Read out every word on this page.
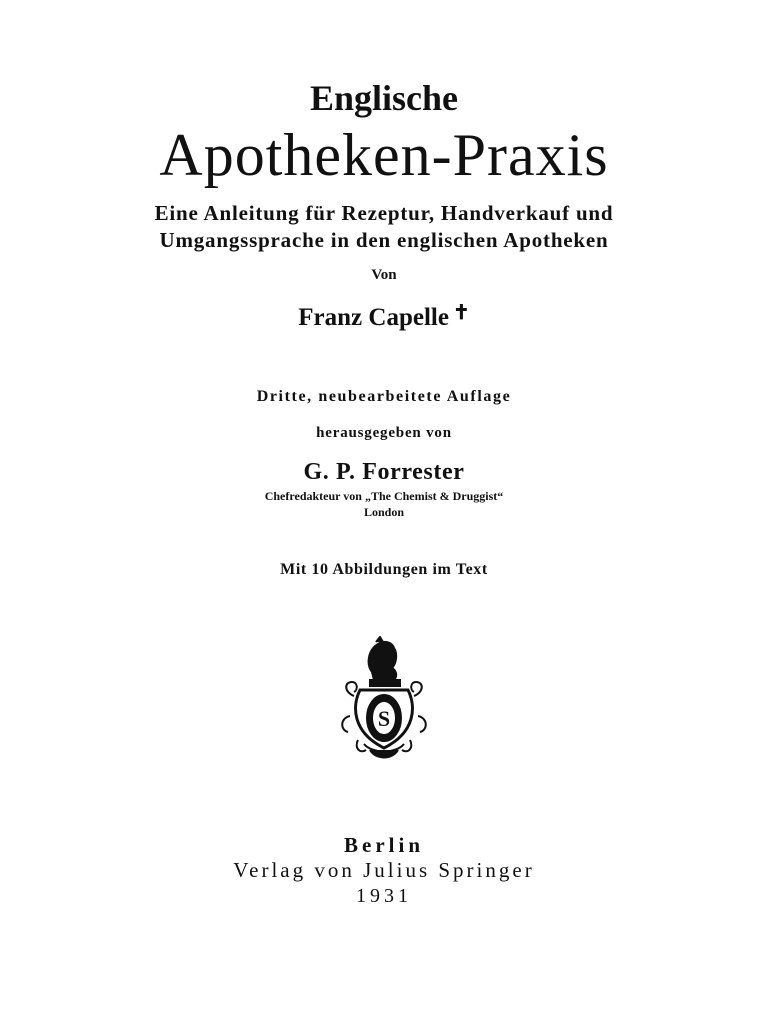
Englische
Apotheken-Praxis
Eine Anleitung für Rezeptur, Handverkauf und
Umgangssprache in den englischen Apotheken
Von
Franz Capelle ✝
Dritte, neubearbeitete Auflage
herausgegeben von
G. P. Forrester
Chefredakteur von „The Chemist & Druggist“
London
Mit 10 Abbildungen im Text
S
Berlin
Verlag von Julius Springer
1931
